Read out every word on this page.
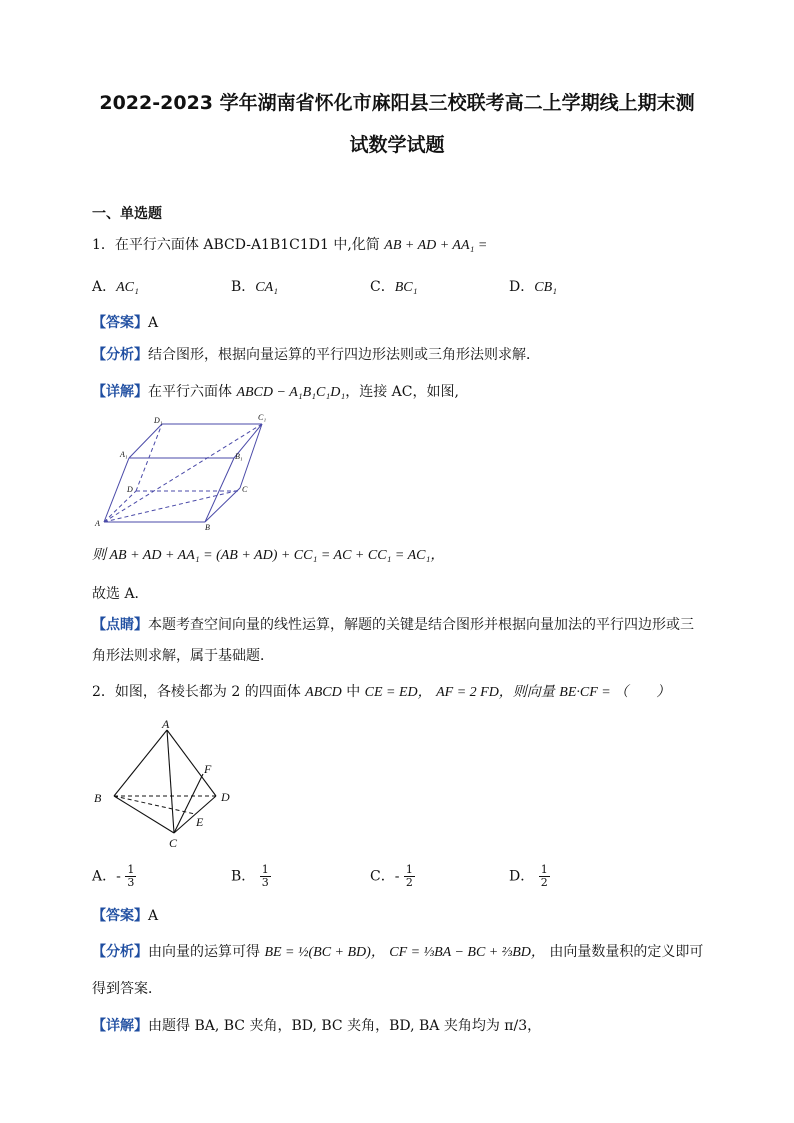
2022-2023 学年湖南省怀化市麻阳县三校联考高二上学期线上期末测
试数学试题
一、单选题
1．在平行六面体 ABCD-A1B1C1D1 中,化简 AB + AD + AA₁ =
A．AC₁	B．CA₁	C．BC₁	D．CB₁
【答案】A
【分析】结合图形，根据向量运算的平行四边形法则或三角形法则求解．
【详解】在平行六面体 ABCD − A₁B₁C₁D₁，连接 AC，如图,
D₁	C₁
A₁	B₁
D	C
A	B
则 AB + AD + AA₁ = (AB + AD) + CC₁ = AC + CC₁ = AC₁，
故选 A．
【点睛】本题考查空间向量的线性运算，解题的关键是结合图形并根据向量加法的平行四边形或三
角形法则求解，属于基础题．
2．如图，各棱长都为 2 的四面体 ABCD 中 CE = ED， AF = 2 FD，则向量 BE·CF = （　　）
A
B
C
D
E
F
A．- $\frac{1}{3}$	B． $\frac{1}{3}$	C．- $\frac{1}{2}$	D． $\frac{1}{2}$
【答案】A
【分析】由向量的运算可得 BE = ½(BC + BD)， CF = ⅓BA − BC + ⅔BD， 由向量数量积的定义即可
得到答案．
【详解】由题得 BA, BC 夹角，BD, BC 夹角，BD, BA 夹角均为 π/3，
